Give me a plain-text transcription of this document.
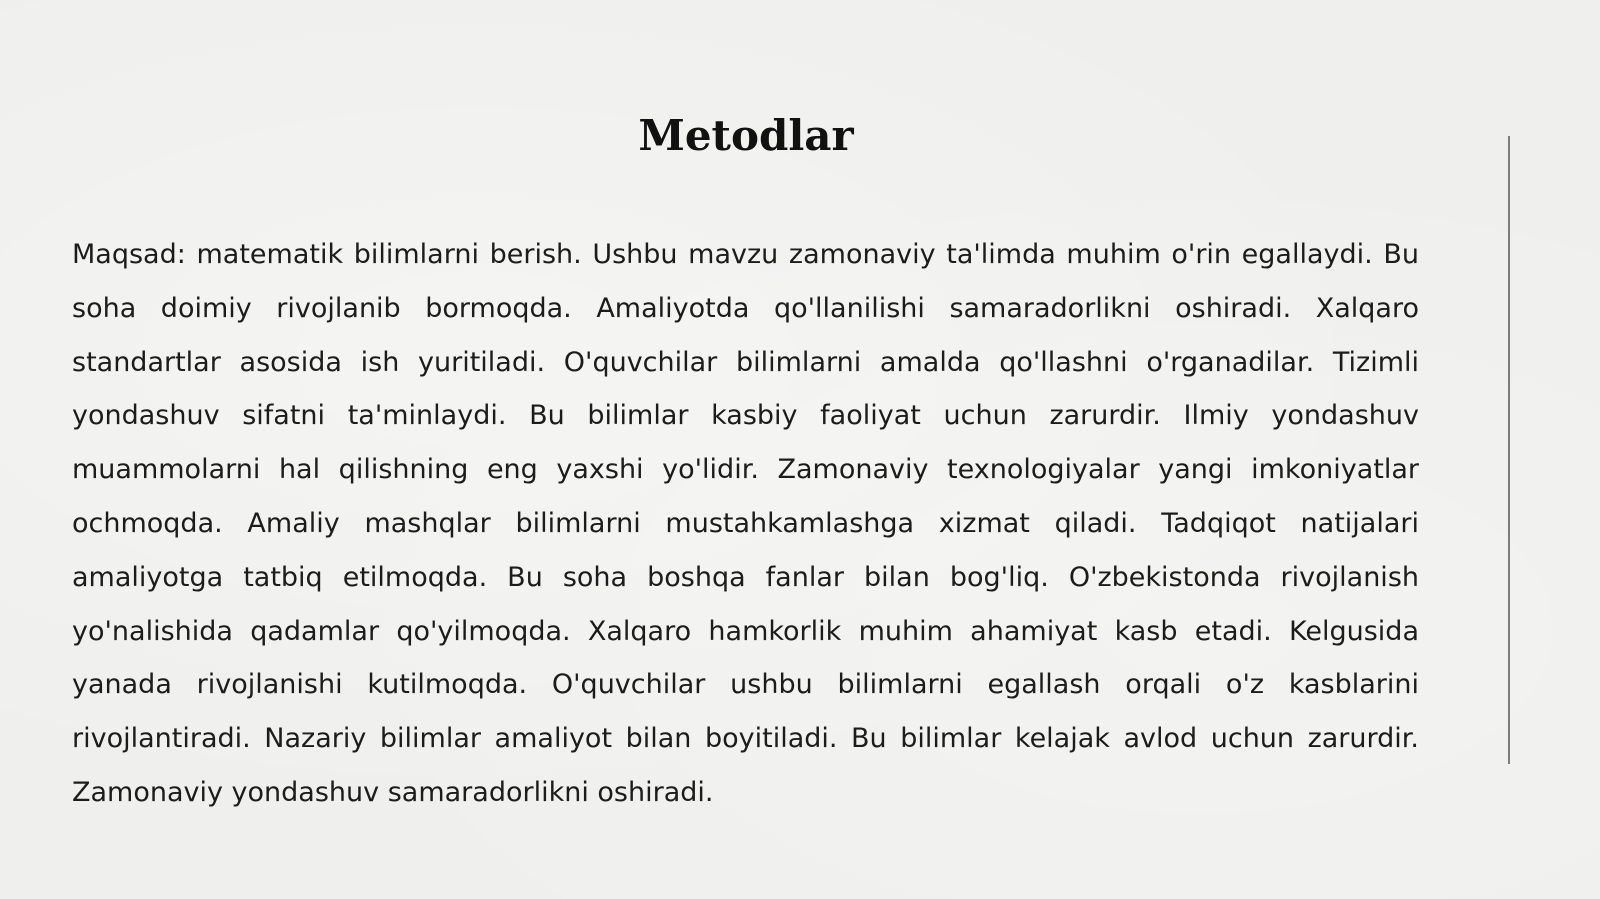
Metodlar

Maqsad: matematik bilimlarni berish. Ushbu mavzu zamonaviy ta'limda muhim o'rin egallaydi. Bu soha doimiy rivojlanib bormoqda. Amaliyotda qo'llanilishi samaradorlikni oshiradi. Xalqaro standartlar asosida ish yuritiladi. O'quvchilar bilimlarni amalda qo'llashni o'rganadilar. Tizimli yondashuv sifatni ta'minlaydi. Bu bilimlar kasbiy faoliyat uchun zarurdir. Ilmiy yondashuv muammolarni hal qilishning eng yaxshi yo'lidir. Zamonaviy texnologiyalar yangi imkoniyatlar ochmoqda. Amaliy mashqlar bilimlarni mustahkamlashga xizmat qiladi. Tadqiqot natijalari amaliyotga tatbiq etilmoqda. Bu soha boshqa fanlar bilan bog'liq. O'zbekistonda rivojlanish yo'nalishida qadamlar qo'yilmoqda. Xalqaro hamkorlik muhim ahamiyat kasb etadi. Kelgusida yanada rivojlanishi kutilmoqda. O'quvchilar ushbu bilimlarni egallash orqali o'z kasblarini rivojlantiradi. Nazariy bilimlar amaliyot bilan boyitiladi. Bu bilimlar kelajak avlod uchun zarurdir. Zamonaviy yondashuv samaradorlikni oshiradi.
